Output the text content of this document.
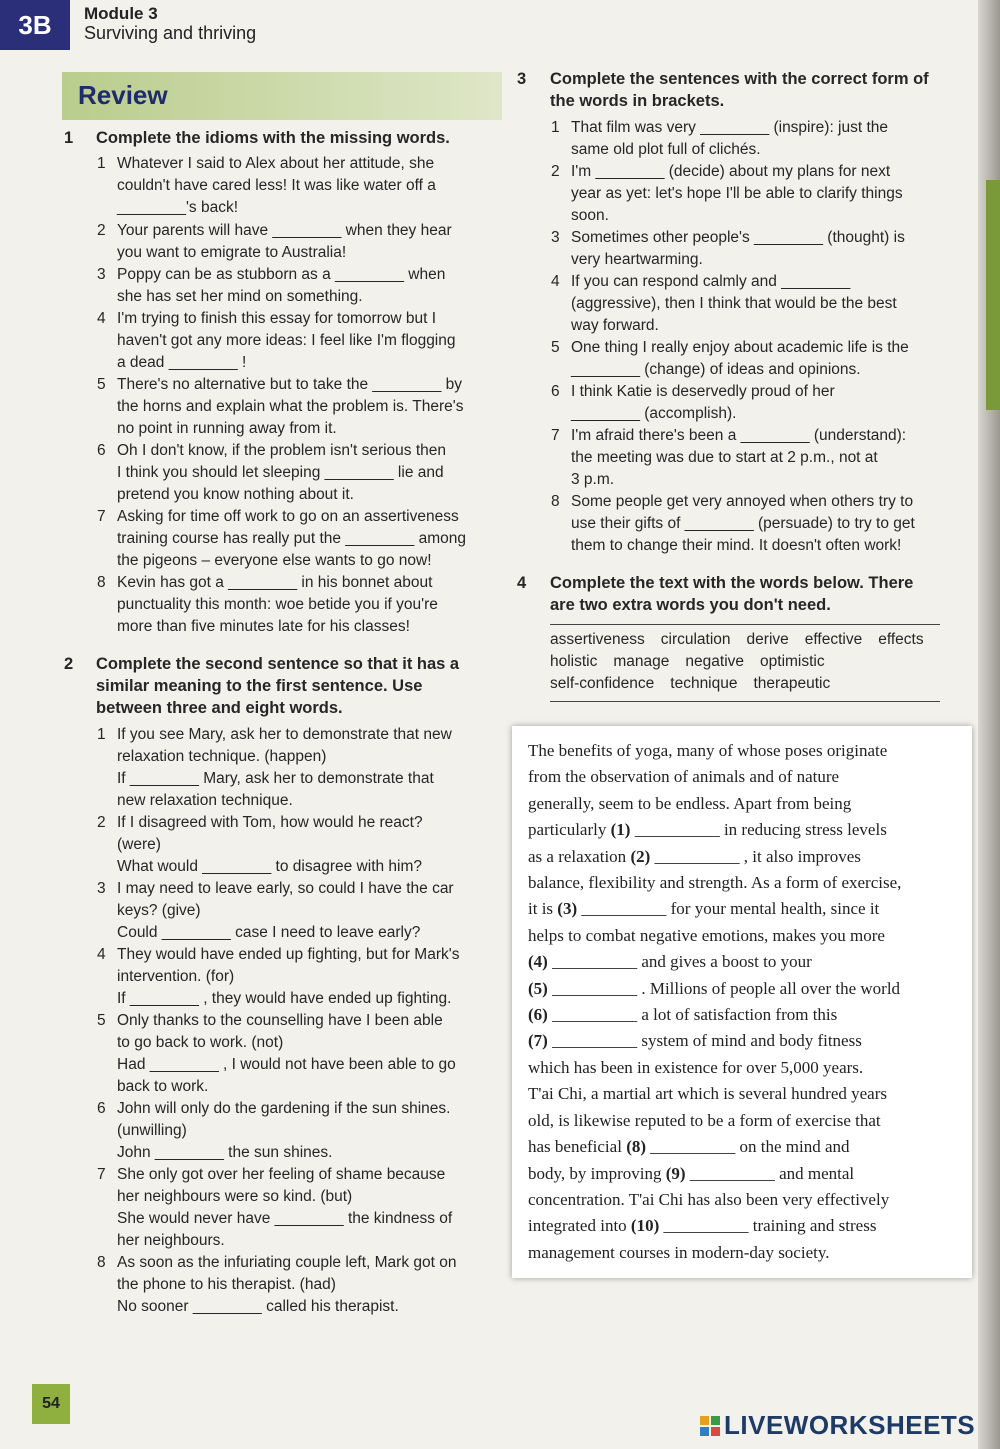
3B	Module 3
Surviving and thriving
Review
1 Complete the idioms with the missing words.
1 Whatever I said to Alex about her attitude, she
couldn't have cared less! It was like water off a
________'s back!
2 Your parents will have ________ when they hear
you want to emigrate to Australia!
3 Poppy can be as stubborn as a ________ when
she has set her mind on something.
4 I'm trying to finish this essay for tomorrow but I
haven't got any more ideas: I feel like I'm flogging
a dead ________ !
5 There's no alternative but to take the ________ by
the horns and explain what the problem is. There's
no point in running away from it.
6 Oh I don't know, if the problem isn't serious then
I think you should let sleeping ________ lie and
pretend you know nothing about it.
7 Asking for time off work to go on an assertiveness
training course has really put the ________ among
the pigeons – everyone else wants to go now!
8 Kevin has got a ________ in his bonnet about
punctuality this month: woe betide you if you're
more than five minutes late for his classes!
2 Complete the second sentence so that it has a
similar meaning to the first sentence. Use
between three and eight words.
1 If you see Mary, ask her to demonstrate that new
relaxation technique. (happen)
If ________ Mary, ask her to demonstrate that
new relaxation technique.
2 If I disagreed with Tom, how would he react?
(were)
What would ________ to disagree with him?
3 I may need to leave early, so could I have the car
keys? (give)
Could ________ case I need to leave early?
4 They would have ended up fighting, but for Mark's
intervention. (for)
If ________ , they would have ended up fighting.
5 Only thanks to the counselling have I been able
to go back to work. (not)
Had ________ , I would not have been able to go
back to work.
6 John will only do the gardening if the sun shines.
(unwilling)
John ________ the sun shines.
7 She only got over her feeling of shame because
her neighbours were so kind. (but)
She would never have ________ the kindness of
her neighbours.
8 As soon as the infuriating couple left, Mark got on
the phone to his therapist. (had)
No sooner ________ called his therapist.
3 Complete the sentences with the correct form of
the words in brackets.
1 That film was very ________ (inspire): just the
same old plot full of clichés.
2 I'm ________ (decide) about my plans for next
year as yet: let's hope I'll be able to clarify things
soon.
3 Sometimes other people's ________ (thought) is
very heartwarming.
4 If you can respond calmly and ________
(aggressive), then I think that would be the best
way forward.
5 One thing I really enjoy about academic life is the
________ (change) of ideas and opinions.
6 I think Katie is deservedly proud of her
________ (accomplish).
7 I'm afraid there's been a ________ (understand):
the meeting was due to start at 2 p.m., not at
3 p.m.
8 Some people get very annoyed when others try to
use their gifts of ________ (persuade) to try to get
them to change their mind. It doesn't often work!
4 Complete the text with the words below. There
are two extra words you don't need.
assertiveness circulation derive effective effectsholistic manage negative optimisticself-confidence technique therapeutic
The benefits of yoga, many of whose poses originate
from the observation of animals and of nature
generally, seem to be endless. Apart from being
particularly (1) __________ in reducing stress levels
as a relaxation (2) __________ , it also improves
balance, flexibility and strength. As a form of exercise,
it is (3) __________ for your mental health, since it
helps to combat negative emotions, makes you more
(4) __________ and gives a boost to your
(5) __________ . Millions of people all over the world
(6) __________ a lot of satisfaction from this
(7) __________ system of mind and body fitness
which has been in existence for over 5,000 years.
T'ai Chi, a martial art which is several hundred years
old, is likewise reputed to be a form of exercise that
has beneficial (8) __________ on the mind and
body, by improving (9) __________ and mental
concentration. T'ai Chi has also been very effectively
integrated into (10) __________ training and stress
management courses in modern-day society.
54
LIVEWORKSHEETS
